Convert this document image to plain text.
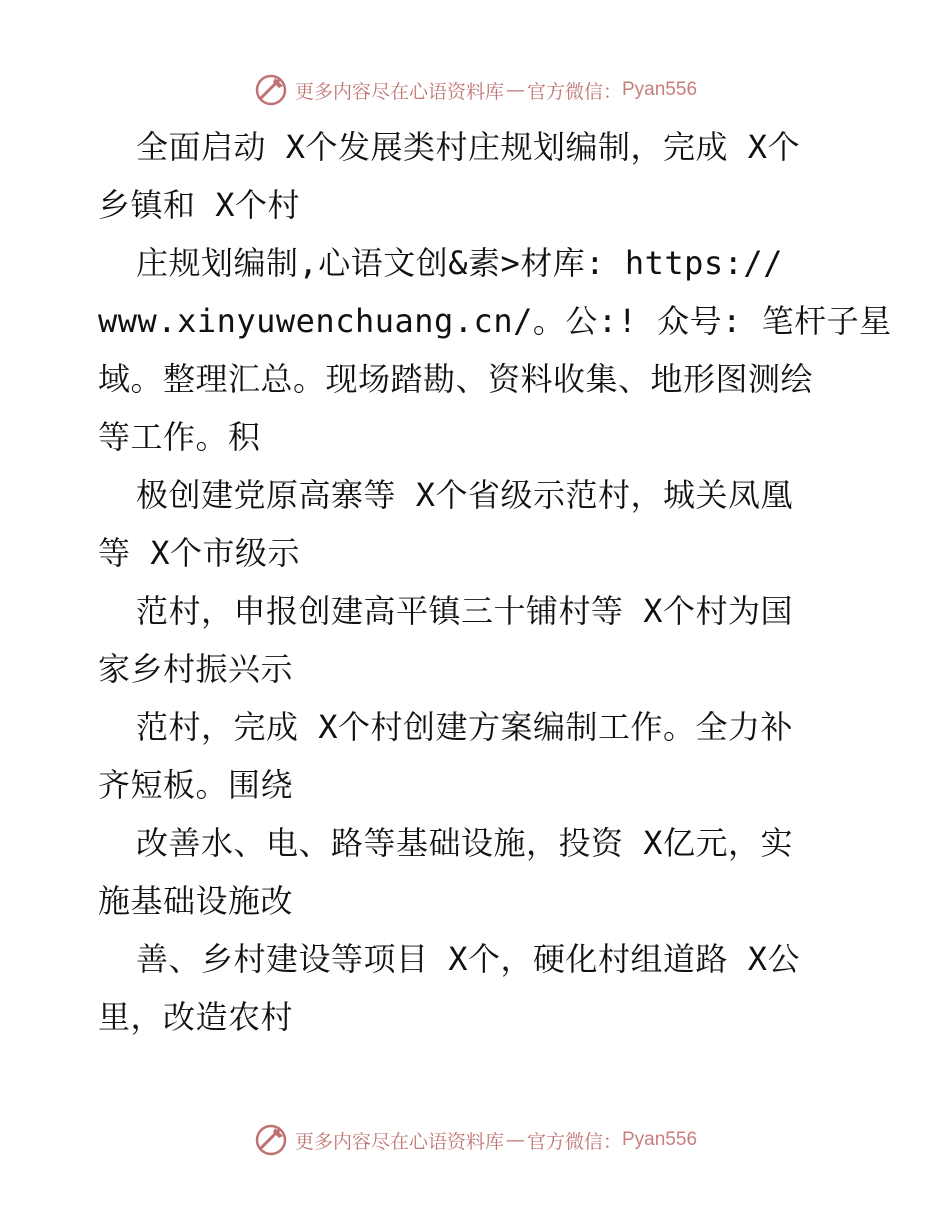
更多内容尽在心语资料库 — 官方微信： Pyan556
全面启动 X个发展类村庄规划编制，完成 X个
乡镇和 X个村
庄规划编制,心语文创&素>材库: https://
www.xinyuwenchuang.cn/。公:! 众号: 笔杆子星
域。整理汇总。现场踏勘、资料收集、地形图测绘
等工作。积
极创建党原高寨等 X个省级示范村，城关凤凰
等 X个市级示
范村，申报创建高平镇三十铺村等 X个村为国
家乡村振兴示
范村，完成 X个村创建方案编制工作。全力补
齐短板。围绕
改善水、电、路等基础设施，投资 X亿元，实
施基础设施改
善、乡村建设等项目 X个，硬化村组道路 X公
里，改造农村
更多内容尽在心语资料库 — 官方微信： Pyan556
